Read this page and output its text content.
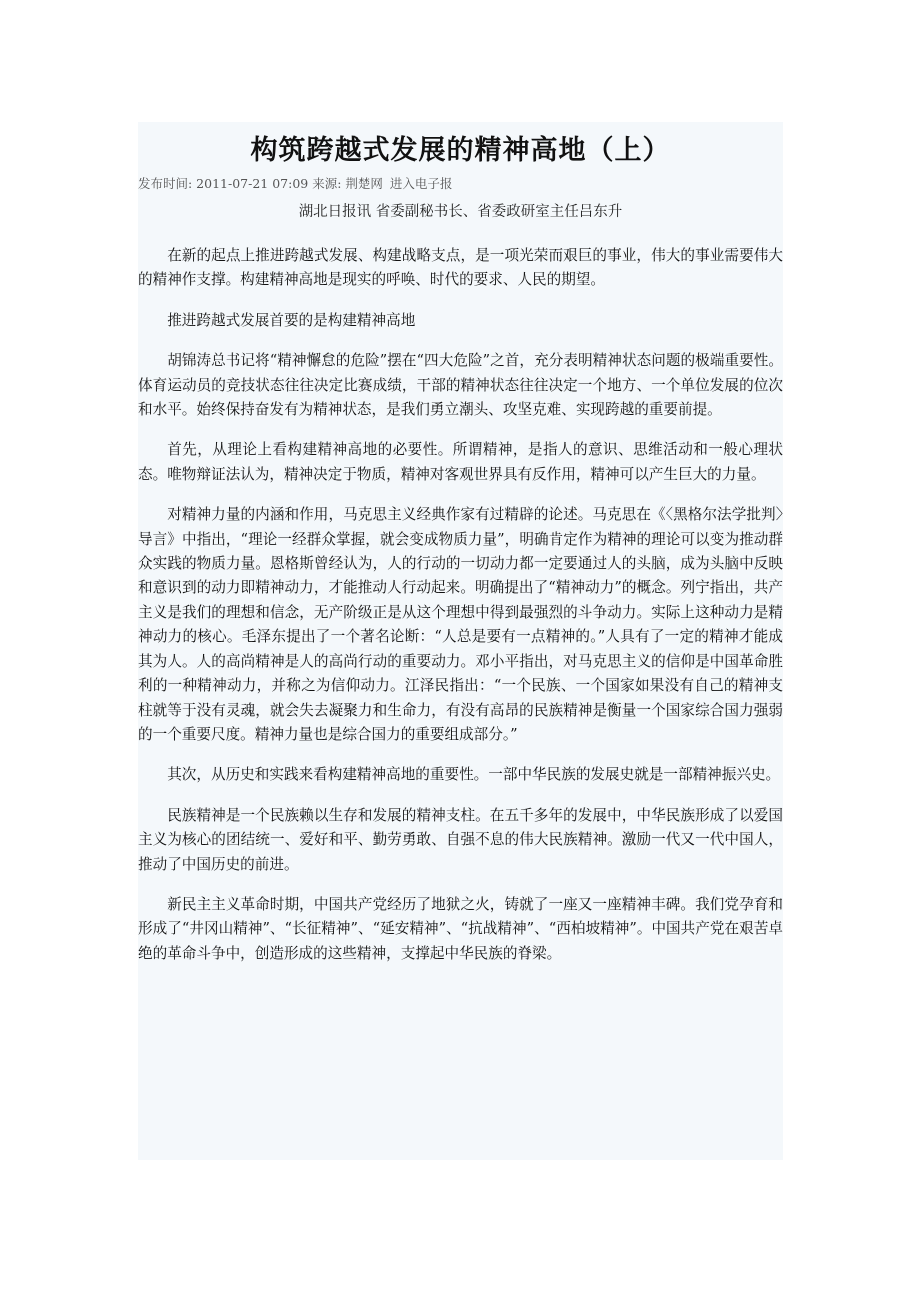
构筑跨越式发展的精神高地（上）
发布时间: 2011-07-21 07:09 来源: 荆楚网 进入电子报
湖北日报讯 省委副秘书长、省委政研室主任吕东升

在新的起点上推进跨越式发展、构建战略支点，是一项光荣而艰巨的事业，伟大的事业需要伟大的精神作支撑。构建精神高地是现实的呼唤、时代的要求、人民的期望。

推进跨越式发展首要的是构建精神高地

胡锦涛总书记将“精神懈怠的危险”摆在“四大危险”之首，充分表明精神状态问题的极端重要性。体育运动员的竞技状态往往决定比赛成绩，干部的精神状态往往决定一个地方、一个单位发展的位次和水平。始终保持奋发有为精神状态，是我们勇立潮头、攻坚克难、实现跨越的重要前提。

首先，从理论上看构建精神高地的必要性。所谓精神，是指人的意识、思维活动和一般心理状态。唯物辩证法认为，精神决定于物质，精神对客观世界具有反作用，精神可以产生巨大的力量。

对精神力量的内涵和作用，马克思主义经典作家有过精辟的论述。马克思在《〈黑格尔法学批判〉导言》中指出，“理论一经群众掌握，就会变成物质力量”，明确肯定作为精神的理论可以变为推动群众实践的物质力量。恩格斯曾经认为，人的行动的一切动力都一定要通过人的头脑，成为头脑中反映和意识到的动力即精神动力，才能推动人行动起来。明确提出了“精神动力”的概念。列宁指出，共产主义是我们的理想和信念，无产阶级正是从这个理想中得到最强烈的斗争动力。实际上这种动力是精神动力的核心。毛泽东提出了一个著名论断：“人总是要有一点精神的。”人具有了一定的精神才能成其为人。人的高尚精神是人的高尚行动的重要动力。邓小平指出，对马克思主义的信仰是中国革命胜利的一种精神动力，并称之为信仰动力。江泽民指出：“一个民族、一个国家如果没有自己的精神支柱就等于没有灵魂，就会失去凝聚力和生命力，有没有高昂的民族精神是衡量一个国家综合国力强弱的一个重要尺度。精神力量也是综合国力的重要组成部分。”

其次，从历史和实践来看构建精神高地的重要性。一部中华民族的发展史就是一部精神振兴史。

民族精神是一个民族赖以生存和发展的精神支柱。在五千多年的发展中，中华民族形成了以爱国主义为核心的团结统一、爱好和平、勤劳勇敢、自强不息的伟大民族精神。激励一代又一代中国人，推动了中国历史的前进。

新民主主义革命时期，中国共产党经历了地狱之火，铸就了一座又一座精神丰碑。我们党孕育和形成了“井冈山精神”、“长征精神”、“延安精神”、“抗战精神”、“西柏坡精神”。中国共产党在艰苦卓绝的革命斗争中，创造形成的这些精神，支撑起中华民族的脊梁。
